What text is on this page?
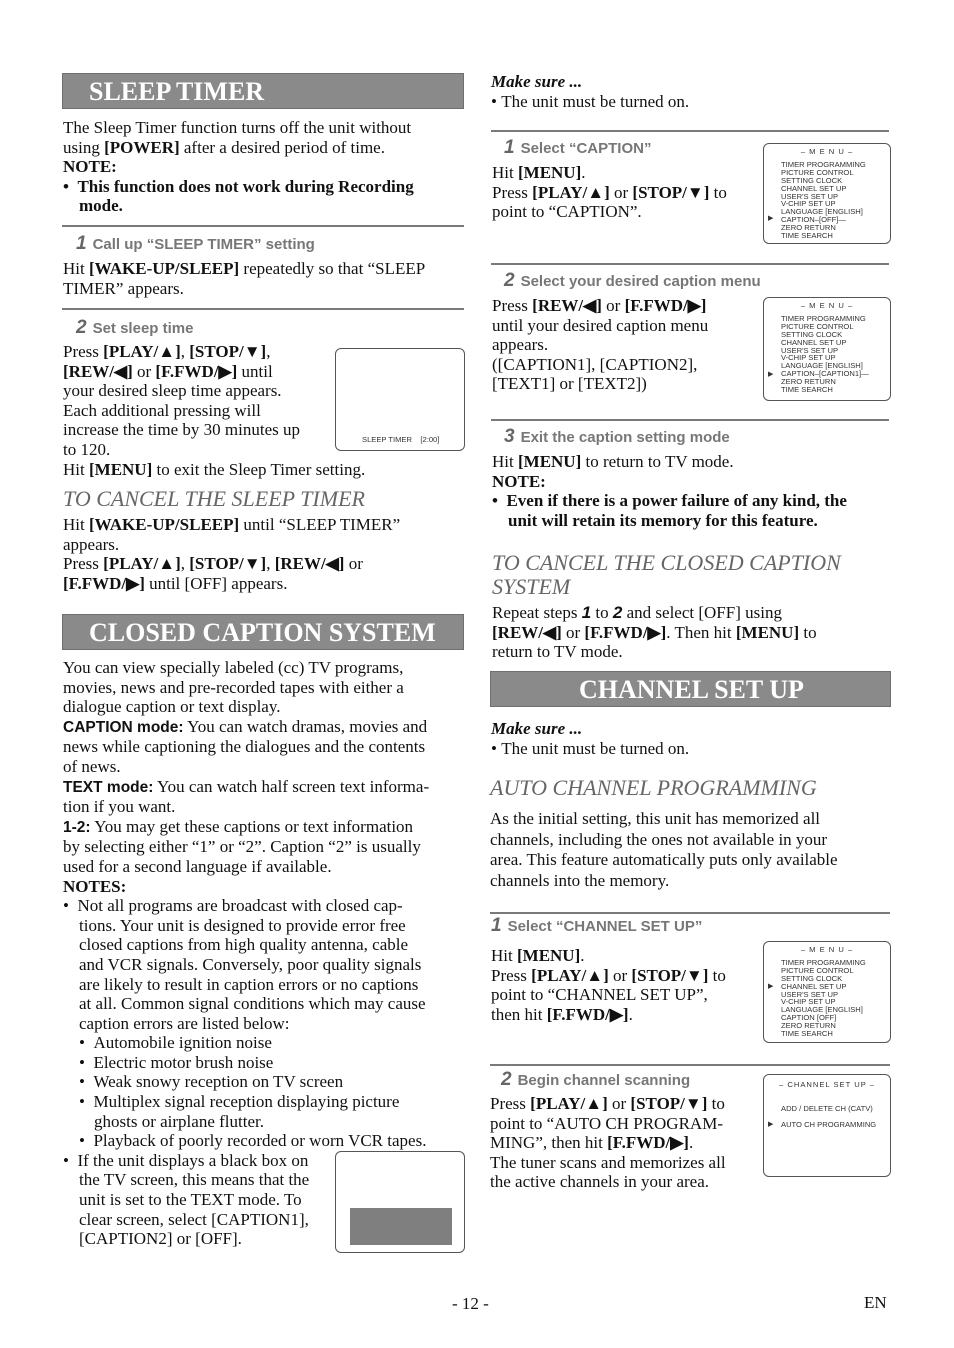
SLEEP TIMER
The Sleep Timer function turns off the unit without
using [POWER] after a desired period of time.
NOTE:
•  This function does not work during Recording
mode.
1 Call up “SLEEP TIMER” setting
Hit [WAKE-UP/SLEEP] repeatedly so that “SLEEP
TIMER” appears.
2 Set sleep time
Press [PLAY/▲], [STOP/▼],
[REW/◀] or [F.FWD/▶] until
your desired sleep time appears.
Each additional pressing will
increase the time by 30 minutes up
to 120.
Hit [MENU] to exit the Sleep Timer setting.
SLEEP TIMER    [2:00]
TO CANCEL THE SLEEP TIMER
Hit [WAKE-UP/SLEEP] until “SLEEP TIMER”
appears.
Press [PLAY/▲], [STOP/▼], [REW/◀] or
[F.FWD/▶] until [OFF] appears.
CLOSED CAPTION SYSTEM
You can view specially labeled (cc) TV programs,
movies, news and pre-recorded tapes with either a
dialogue caption or text display.
CAPTION mode: You can watch dramas, movies and
news while captioning the dialogues and the contents
of news.
TEXT mode: You can watch half screen text informa-
tion if you want.
1-2: You may get these captions or text information
by selecting either “1” or “2”. Caption “2” is usually
used for a second language if available.
NOTES:
•  Not all programs are broadcast with closed cap-
tions. Your unit is designed to provide error free
closed captions from high quality antenna, cable
and VCR signals. Conversely, poor quality signals
are likely to result in caption errors or no captions
at all. Common signal conditions which may cause
caption errors are listed below:
•  Automobile ignition noise
•  Electric motor brush noise
•  Weak snowy reception on TV screen
•  Multiplex signal reception displaying picture
ghosts or airplane flutter.
•  Playback of poorly recorded or worn VCR tapes.
•  If the unit displays a black box on
the TV screen, this means that the
unit is set to the TEXT mode. To
clear screen, select [CAPTION1],
[CAPTION2] or [OFF].
Make sure ...
• The unit must be turned on.
1 Select “CAPTION”
Hit [MENU].
Press [PLAY/▲] or [STOP/▼] to
point to “CAPTION”.
– M E N U –
TIMER PROGRAMMING
PICTURE CONTROL
SETTING CLOCK
CHANNEL SET UP
USER'S SET UP
V-CHIP SET UP
LANGUAGE [ENGLISH]
CAPTION–[OFF]—
ZERO RETURN
TIME SEARCH
▶
2 Select your desired caption menu
Press [REW/◀] or [F.FWD/▶]
until your desired caption menu
appears.
([CAPTION1], [CAPTION2],
[TEXT1] or [TEXT2])
– M E N U –
TIMER PROGRAMMING
PICTURE CONTROL
SETTING CLOCK
CHANNEL SET UP
USER'S SET UP
V-CHIP SET UP
LANGUAGE [ENGLISH]
CAPTION–[CAPTION1]—
ZERO RETURN
TIME SEARCH
▶
3 Exit the caption setting mode
Hit [MENU] to return to TV mode.
NOTE:
•  Even if there is a power failure of any kind, the
unit will retain its memory for this feature.
TO CANCEL THE CLOSED CAPTION
SYSTEM
Repeat steps 1 to 2 and select [OFF] using
[REW/◀] or [F.FWD/▶]. Then hit [MENU] to
return to TV mode.
CHANNEL SET UP
Make sure ...
• The unit must be turned on.
AUTO CHANNEL PROGRAMMING
As the initial setting, this unit has memorized all
channels, including the ones not available in your
area. This feature automatically puts only available
channels into the memory.
1 Select “CHANNEL SET UP”
Hit [MENU].
Press [PLAY/▲] or [STOP/▼] to
point to “CHANNEL SET UP”,
then hit [F.FWD/▶].
– M E N U –
TIMER PROGRAMMING
PICTURE CONTROL
SETTING CLOCK
CHANNEL SET UP
USER'S SET UP
V-CHIP SET UP
LANGUAGE [ENGLISH]
CAPTION [OFF]
ZERO RETURN
TIME SEARCH
▶
2 Begin channel scanning
Press [PLAY/▲] or [STOP/▼] to
point to “AUTO CH PROGRAM-
MING”, then hit [F.FWD/▶].
The tuner scans and memorizes all
the active channels in your area.
– CHANNEL SET UP –
ADD / DELETE CH (CATV)
AUTO CH PROGRAMMING
▶
- 12 -	EN
